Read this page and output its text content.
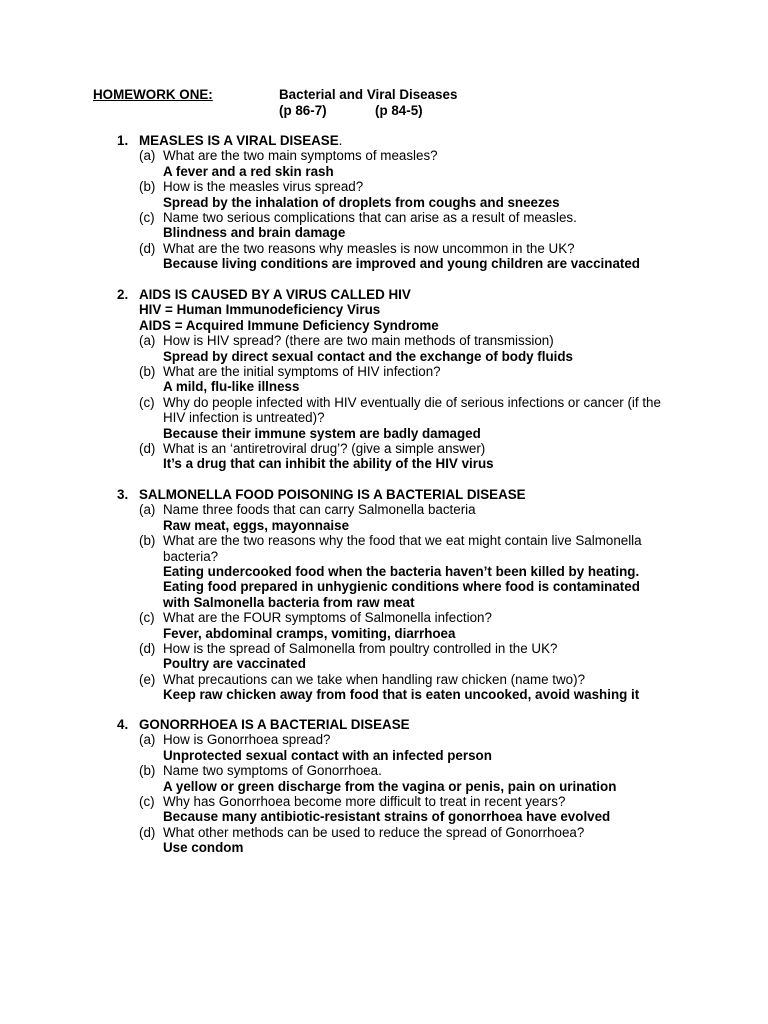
HOMEWORK ONE:	Bacterial and Viral Diseases
(p 86-7)	(p 84-5)
1. MEASLES IS A VIRAL DISEASE.
(a) What are the two main symptoms of measles?
A fever and a red skin rash
(b) How is the measles virus spread?
Spread by the inhalation of droplets from coughs and sneezes
(c) Name two serious complications that can arise as a result of measles.
Blindness and brain damage
(d) What are the two reasons why measles is now uncommon in the UK?
Because living conditions are improved and young children are vaccinated
2. AIDS IS CAUSED BY A VIRUS CALLED HIV
HIV = Human Immunodeficiency Virus
AIDS = Acquired Immune Deficiency Syndrome
(a) How is HIV spread? (there are two main methods of transmission)
Spread by direct sexual contact and the exchange of body fluids
(b) What are the initial symptoms of HIV infection?
A mild, flu-like illness
(c) Why do people infected with HIV eventually die of serious infections or cancer (if the HIV infection is untreated)?
Because their immune system are badly damaged
(d) What is an ‘antiretroviral drug’? (give a simple answer)
It’s a drug that can inhibit the ability of the HIV virus
3. SALMONELLA FOOD POISONING IS A BACTERIAL DISEASE
(a) Name three foods that can carry Salmonella bacteria
Raw meat, eggs, mayonnaise
(b) What are the two reasons why the food that we eat might contain live Salmonella bacteria?
Eating undercooked food when the bacteria haven’t been killed by heating.
Eating food prepared in unhygienic conditions where food is contaminated
with Salmonella bacteria from raw meat
(c) What are the FOUR symptoms of Salmonella infection?
Fever, abdominal cramps, vomiting, diarrhoea
(d) How is the spread of Salmonella from poultry controlled in the UK?
Poultry are vaccinated
(e) What precautions can we take when handling raw chicken (name two)?
Keep raw chicken away from food that is eaten uncooked, avoid washing it
4. GONORRHOEA IS A BACTERIAL DISEASE
(a) How is Gonorrhoea spread?
Unprotected sexual contact with an infected person
(b) Name two symptoms of Gonorrhoea.
A yellow or green discharge from the vagina or penis, pain on urination
(c) Why has Gonorrhoea become more difficult to treat in recent years?
Because many antibiotic-resistant strains of gonorrhoea have evolved
(d) What other methods can be used to reduce the spread of Gonorrhoea?
Use condom
